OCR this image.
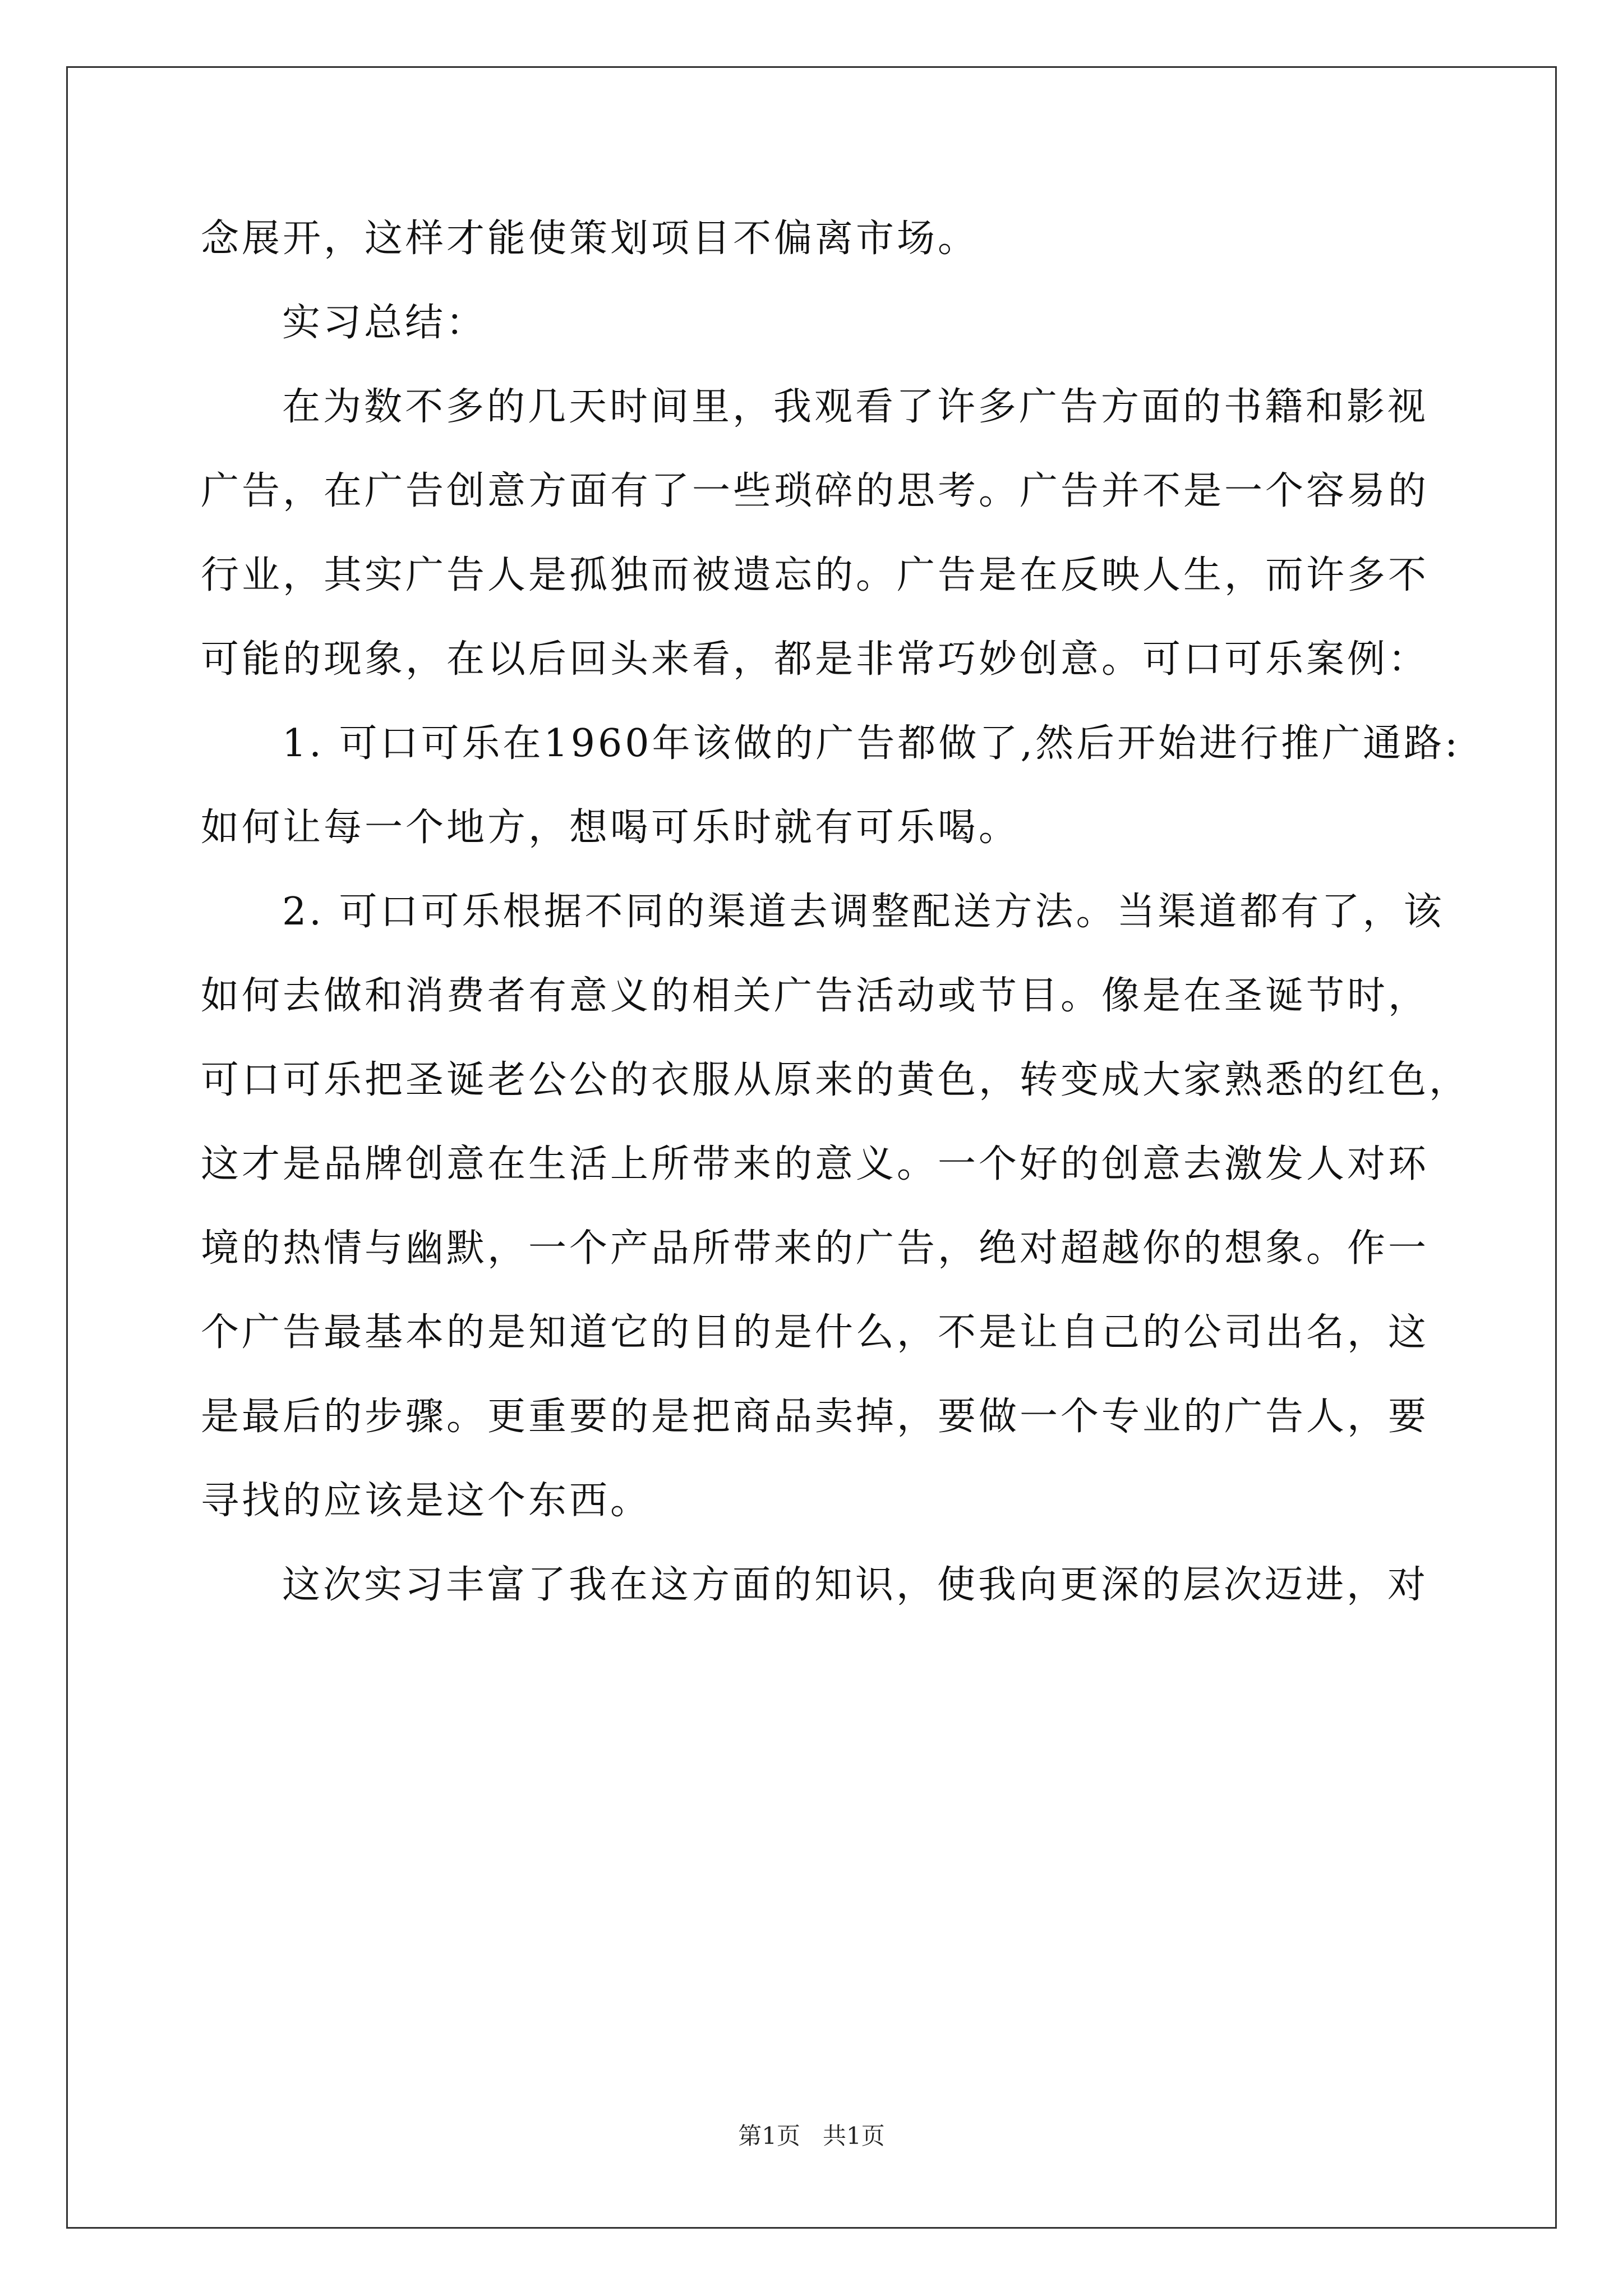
念展开，这样才能使策划项目不偏离市场。
实习总结：
在为数不多的几天时间里，我观看了许多广告方面的书籍和影视
广告，在广告创意方面有了一些琐碎的思考。广告并不是一个容易的
行业，其实广告人是孤独而被遗忘的。广告是在反映人生，而许多不
可能的现象，在以后回头来看，都是非常巧妙创意。可口可乐案例：
1. 可口可乐在1960年该做的广告都做了,然后开始进行推广通路:
如何让每一个地方，想喝可乐时就有可乐喝。
2. 可口可乐根据不同的渠道去调整配送方法。当渠道都有了，该
如何去做和消费者有意义的相关广告活动或节目。像是在圣诞节时，
可口可乐把圣诞老公公的衣服从原来的黄色，转变成大家熟悉的红色，
这才是品牌创意在生活上所带来的意义。一个好的创意去激发人对环
境的热情与幽默，一个产品所带来的广告，绝对超越你的想象。作一
个广告最基本的是知道它的目的是什么，不是让自己的公司出名，这
是最后的步骤。更重要的是把商品卖掉，要做一个专业的广告人，要
寻找的应该是这个东西。
这次实习丰富了我在这方面的知识，使我向更深的层次迈进，对
第1页   共1页
